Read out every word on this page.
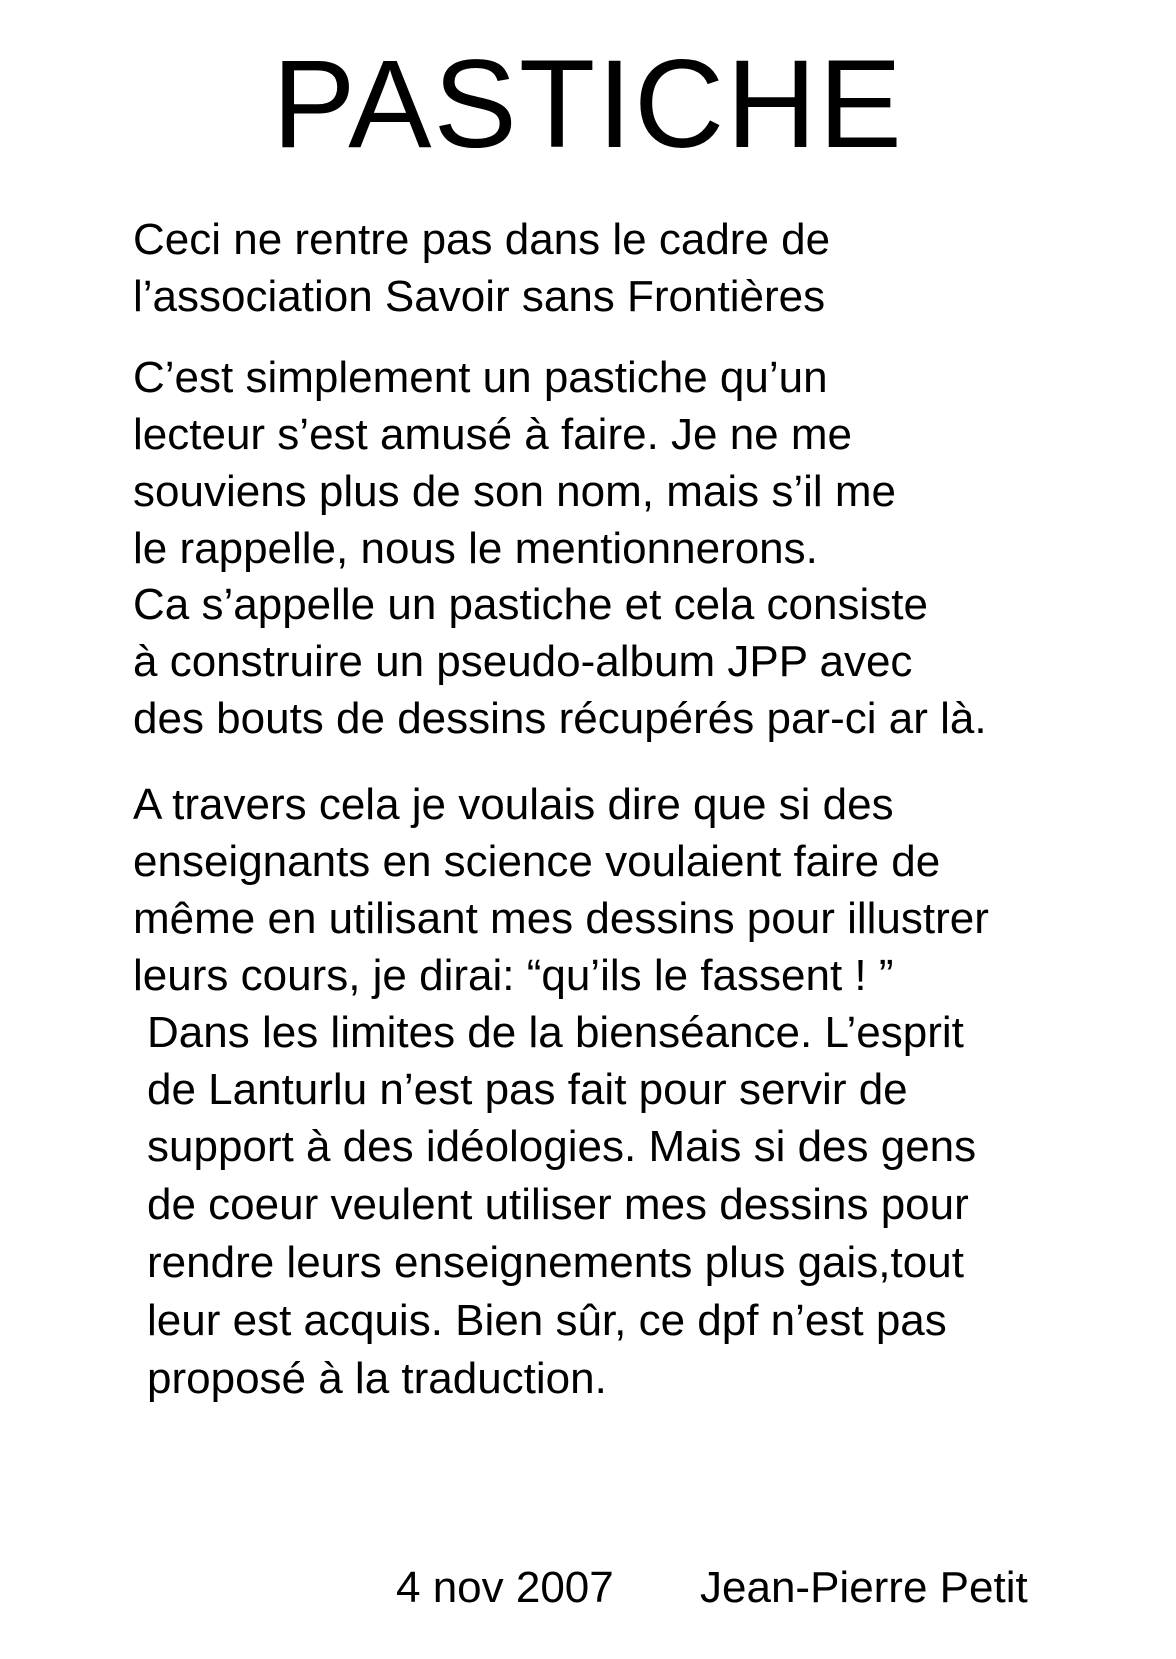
PASTICHE
Ceci ne rentre pas dans le cadre de
l’association Savoir sans Frontières
C’est simplement un pastiche qu’un
lecteur s’est amusé à faire. Je ne me
souviens plus de son nom, mais s’il me
le rappelle, nous le mentionnerons.
Ca s’appelle un pastiche et cela consiste
à construire un pseudo-album JPP avec
des bouts de dessins récupérés par-ci ar là.
A travers cela je voulais dire que si des
enseignants en science voulaient faire de
même en utilisant mes dessins pour illustrer
leurs cours, je dirai: “qu’ils le fassent ! ”
Dans les limites de la bienséance. L’esprit
de Lanturlu n’est pas fait pour servir de
support à des idéologies. Mais si des gens
de coeur veulent utiliser mes dessins pour
rendre leurs enseignements plus gais,tout
leur est acquis. Bien sûr, ce dpf n’est pas
proposé à la traduction.
4 nov 2007 Jean-Pierre Petit
